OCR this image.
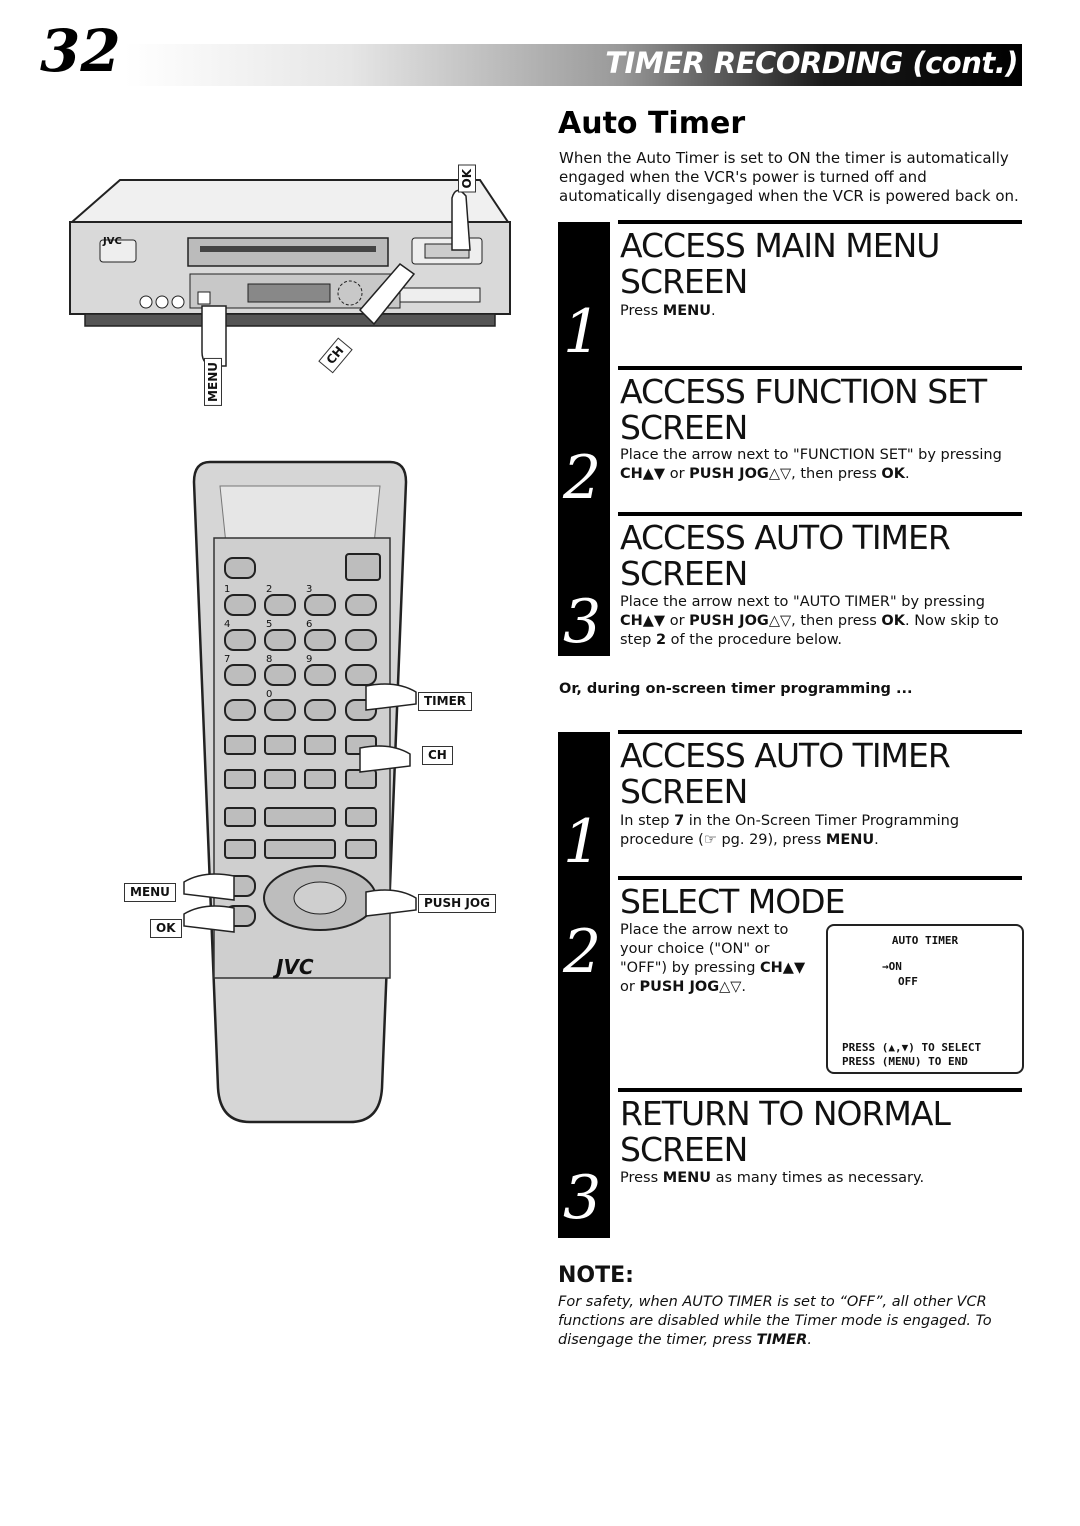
32	TIMER RECORDING (cont.)
Auto Timer
When the Auto Timer is set to ON the timer is automatically engaged when the VCR's power is turned off and automatically disengaged when the VCR is powered back on.
ACCESS MAIN MENU SCREEN
1 Press MENU.
ACCESS FUNCTION SET SCREEN
2 Place the arrow next to "FUNCTION SET" by pressing CH▲▼ or PUSH JOG△▽, then press OK.
ACCESS AUTO TIMER SCREEN
3 Place the arrow next to "AUTO TIMER" by pressing CH▲▼ or PUSH JOG△▽, then press OK. Now skip to step 2 of the procedure below.
Or, during on-screen timer programming ...
ACCESS AUTO TIMER SCREEN
1 In step 7 in the On-Screen Timer Programming procedure (☞ pg. 29), press MENU.
SELECT MODE
2 Place the arrow next to your choice ("ON" or "OFF") by pressing CH▲▼ or PUSH JOG△▽.
AUTO TIMER
→ON
OFF
PRESS (▲,▼) TO SELECT
PRESS (MENU) TO END
RETURN TO NORMAL SCREEN
3 Press MENU as many times as necessary.
NOTE:
For safety, when AUTO TIMER is set to “OFF”, all other VCR functions are disabled while the Timer mode is engaged. To disengage the timer, press TIMER.
OK
MENU
CH
JVC
1	2	3
4	5	6
7	8	9
0
JVC
TIMER
CH
MENU
PUSH JOG
OK
